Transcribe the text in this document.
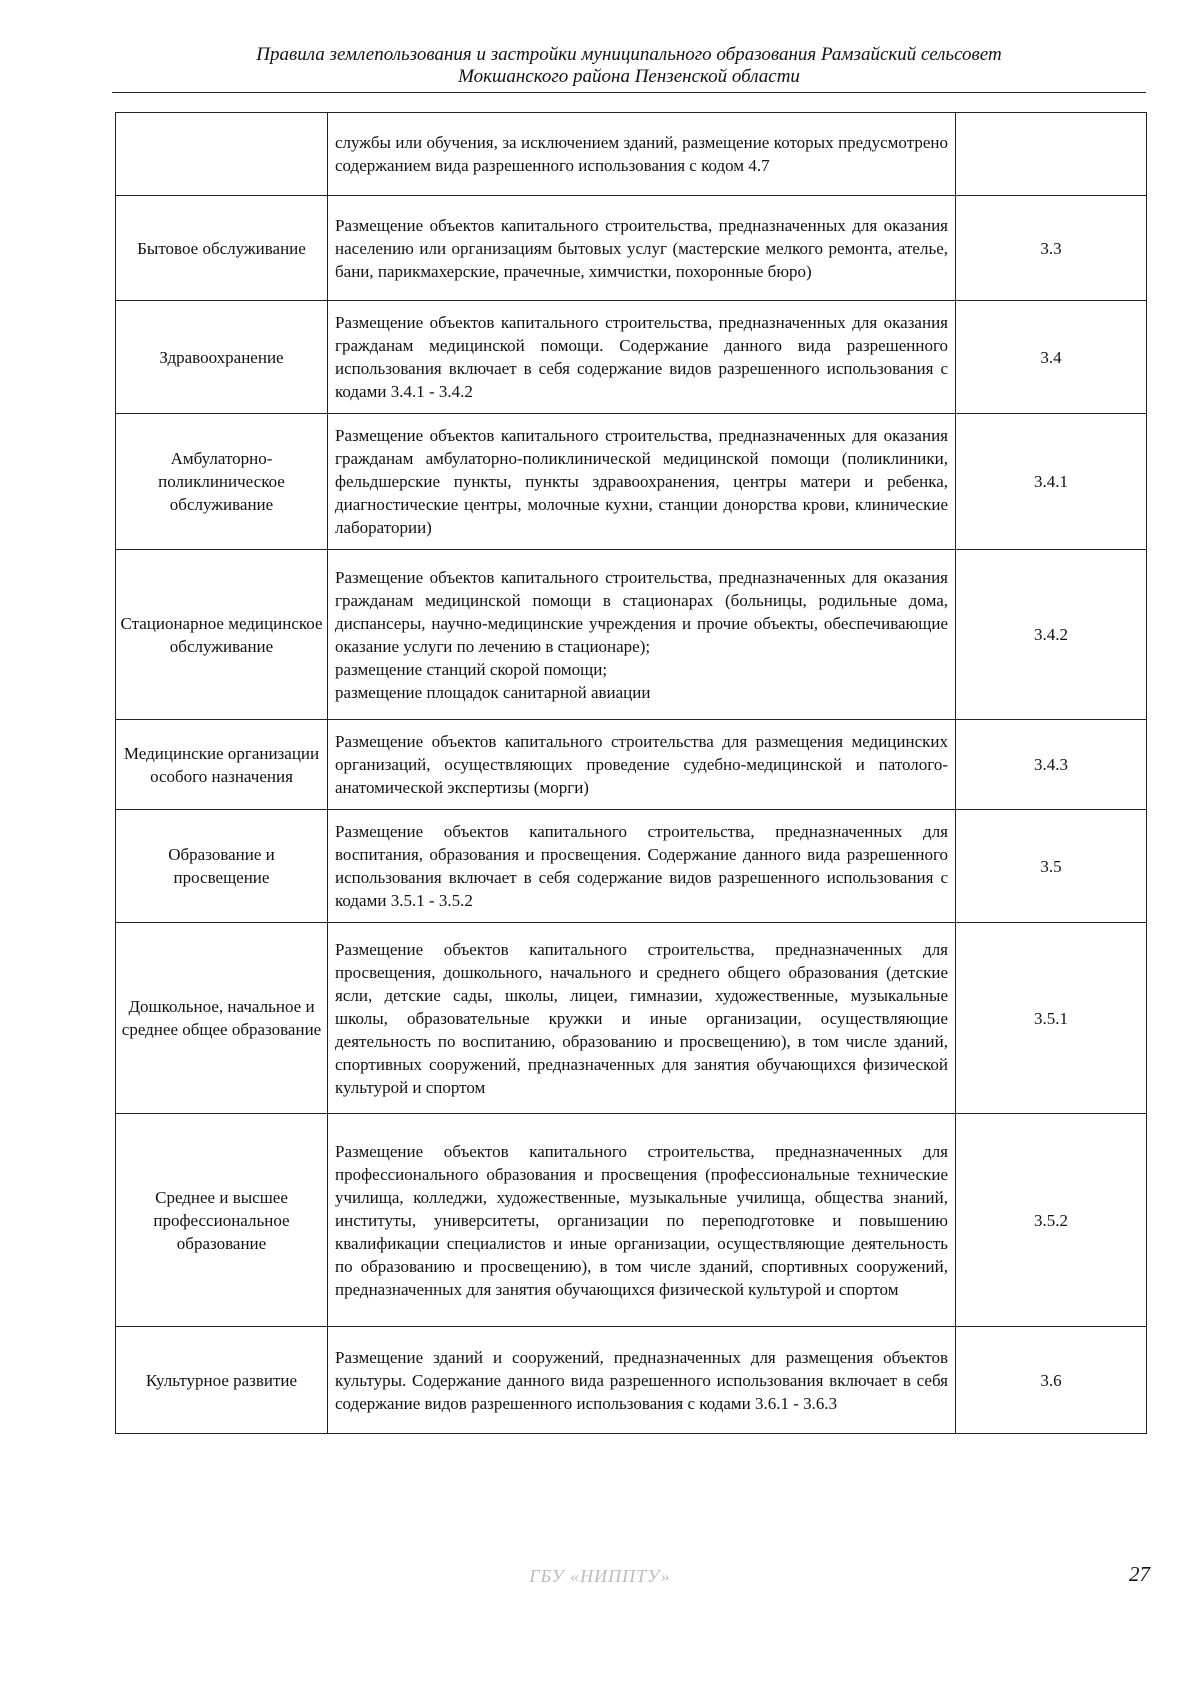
Правила землепользования и застройки муниципального образования Рамзайский сельсовет
Мокшанского района Пензенской области

	службы или обучения, за исключением зданий, размещение которых предусмотрено содержанием вида разрешенного использования с кодом 4.7	

Бытовое обслуживание	Размещение объектов капитального строительства, предназначенных для оказания населению или организациям бытовых услуг (мастерские мелкого ремонта, ателье, бани, парикмахерские, прачечные, химчистки, похоронные бюро)	3.3
Здравоохранение	Размещение объектов капитального строительства, предназначенных для оказания гражданам медицинской помощи. Содержание данного вида разрешенного использования включает в себя содержание видов разрешенного использования с кодами 3.4.1 - 3.4.2	3.4
Амбулаторно-поликлиническое обслуживание	Размещение объектов капитального строительства, предназначенных для оказания гражданам амбулаторно-поликлинической медицинской помощи (поликлиники, фельдшерские пункты, пункты здравоохранения, центры матери и ребенка, диагностические центры, молочные кухни, станции донорства крови, клинические лаборатории)	3.4.1
Стационарное медицинское обслуживание	Размещение объектов капитального строительства, предназначенных для оказания гражданам медицинской помощи в стационарах (больницы, родильные дома, диспансеры, научно-медицинские учреждения и прочие объекты, обеспечивающие оказание услуги по лечению в стационаре);
размещение станций скорой помощи;
размещение площадок санитарной авиации	3.4.2
Медицинские организации особого назначения	Размещение объектов капитального строительства для размещения медицинских организаций, осуществляющих проведение судебно-медицинской и патолого-анатомической экспертизы (морги)	3.4.3
Образование и просвещение	Размещение объектов капитального строительства, предназначенных для воспитания, образования и просвещения. Содержание данного вида разрешенного использования включает в себя содержание видов разрешенного использования с кодами 3.5.1 - 3.5.2	3.5
Дошкольное, начальное и среднее общее образование	Размещение объектов капитального строительства, предназначенных для просвещения, дошкольного, начального и среднего общего образования (детские ясли, детские сады, школы, лицеи, гимназии, художественные, музыкальные школы, образовательные кружки и иные организации, осуществляющие деятельность по воспитанию, образованию и просвещению), в том числе зданий, спортивных сооружений, предназначенных для занятия обучающихся физической культурой и спортом	3.5.1
Среднее и высшее профессиональное образование	Размещение объектов капитального строительства, предназначенных для профессионального образования и просвещения (профессиональные технические училища, колледжи, художественные, музыкальные училища, общества знаний, институты, университеты, организации по переподготовке и повышению квалификации специалистов и иные организации, осуществляющие деятельность по образованию и просвещению), в том числе зданий, спортивных сооружений, предназначенных для занятия обучающихся физической культурой и спортом	3.5.2
Культурное развитие	Размещение зданий и сооружений, предназначенных для размещения объектов культуры. Содержание данного вида разрешенного использования включает в себя содержание видов разрешенного использования с кодами 3.6.1 - 3.6.3	3.6
ГБУ «НИППТУ»	27
